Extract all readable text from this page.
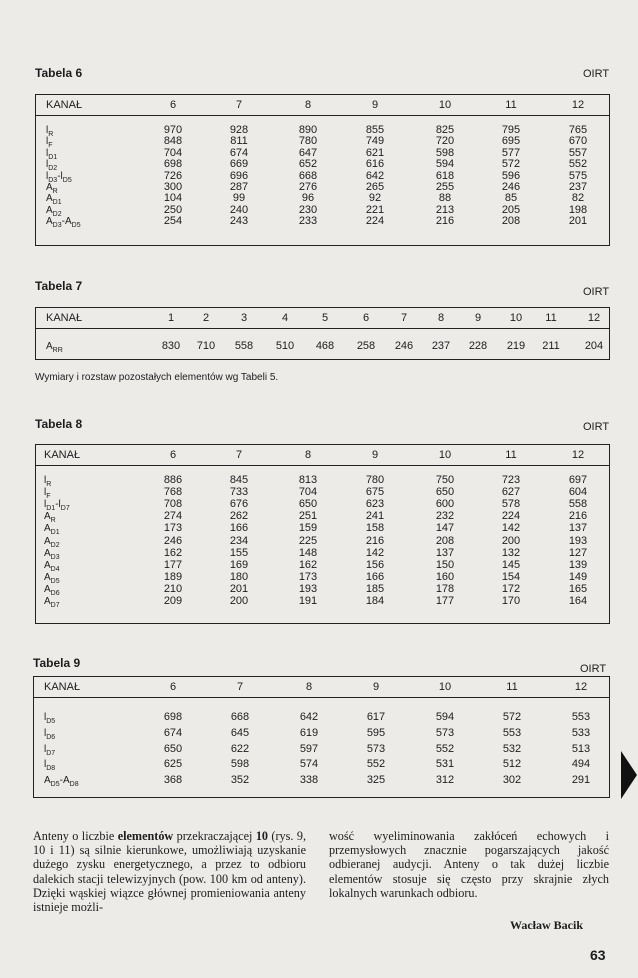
Tabela 6	OIRT
KANAŁ	6	7	8	9	10	11	12
$l_R$	970	928	890	855	825	795	765
$l_F$	848	811	780	749	720	695	670
$l_{D1}$	704	674	647	621	598	577	557
$l_{D2}$	698	669	652	616	594	572	552
$l_{D3}-l_{D5}$	726	696	668	642	618	596	575
$A_R$	300	287	276	265	255	246	237
$A_{D1}$	104	99	96	92	88	85	82
$A_{D2}$	250	240	230	221	213	205	198
$A_{D3}-A_{D5}$	254	243	233	224	216	208	201
Tabela 7	OIRT
KANAŁ	1	2	3	4	5	6	7	8	9	10	11	12
$A_{RR}$	830	710	558	510	468	258	246	237	228	219	211	204
Wymiary i rozstaw pozostałych elementów wg Tabeli 5.
Tabela 8	OIRT
KANAŁ	6	7	8	9	10	11	12
$l_R$	886	845	813	780	750	723	697
$l_F$	768	733	704	675	650	627	604
$l_{D1}-l_{D7}$	708	676	650	623	600	578	558
$A_R$	274	262	251	241	232	224	216
$A_{D1}$	173	166	159	158	147	142	137
$A_{D2}$	246	234	225	216	208	200	193
$A_{D3}$	162	155	148	142	137	132	127
$A_{D4}$	177	169	162	156	150	145	139
$A_{D5}$	189	180	173	166	160	154	149
$A_{D6}$	210	201	193	185	178	172	165
$A_{D7}$	209	200	191	184	177	170	164
Tabela 9	OIRT
KANAŁ	6	7	8	9	10	11	12
$l_{D5}$	698	668	642	617	594	572	553
$l_{D6}$	674	645	619	595	573	553	533
$l_{D7}$	650	622	597	573	552	532	513
$l_{D8}$	625	598	574	552	531	512	494
$A_{D5}-A_{D8}$	368	352	338	325	312	302	291

Anteny o liczbie elementów przekraczającej 10 (rys. 9, 10 i 11) są silnie kierunkowe, umożliwiają uzyskanie dużego zysku energetycznego, a przez to odbioru dalekich stacji telewizyjnych (pow. 100 km od anteny). Dzięki wąskiej wiązce głównej promieniowania anteny istnieje możli-

wość wyeliminowania zakłóceń echowych i przemysłowych znacznie pogarszających jakość odbieranej audycji. Anteny o tak dużej liczbie elementów stosuje się często przy skrajnie złych lokalnych warunkach odbioru.

Wacław Bacik
63
